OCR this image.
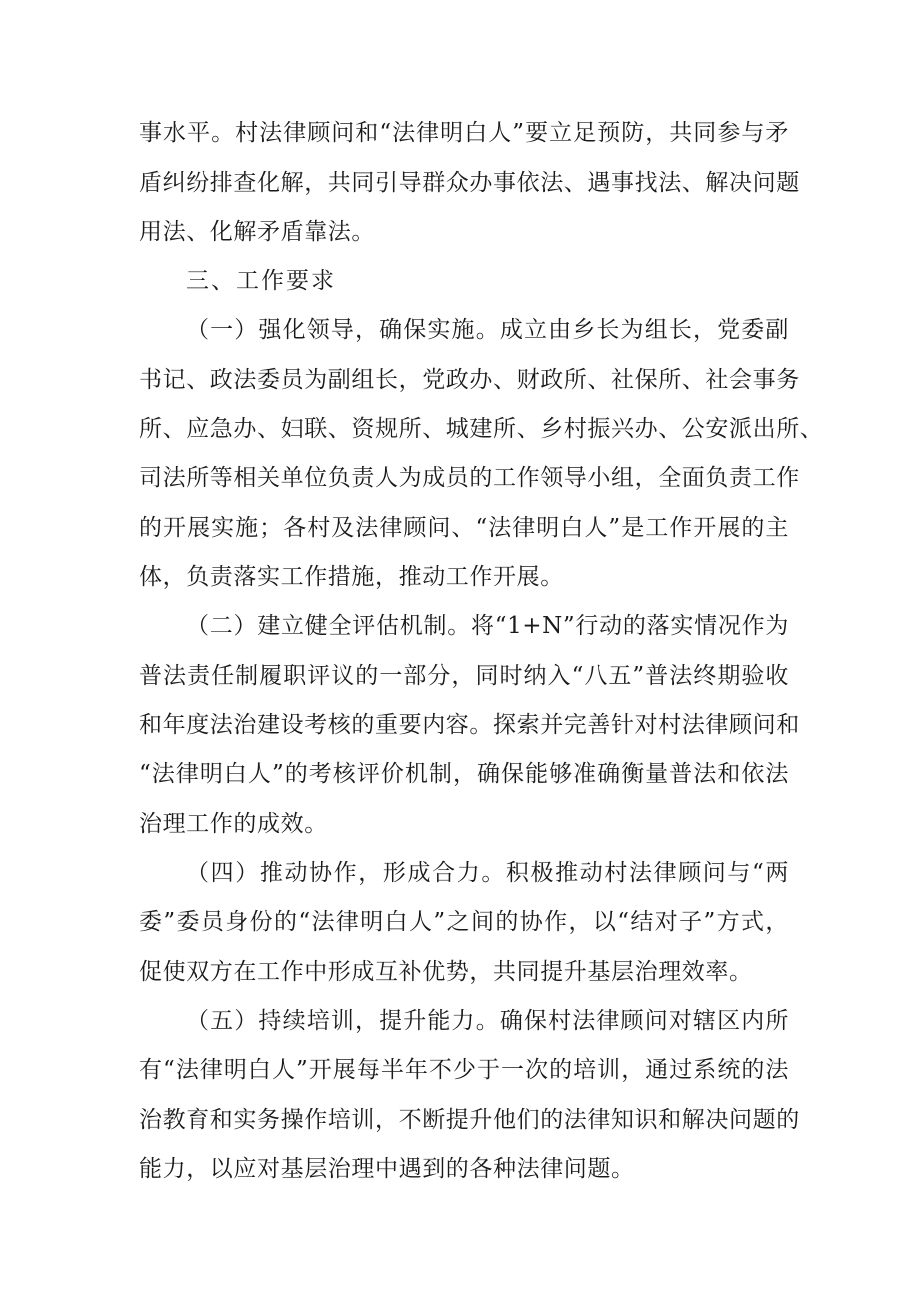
事水平。村法律顾问和“法律明白人”要立足预防，共同参与矛
盾纠纷排查化解，共同引导群众办事依法、遇事找法、解决问题
用法、化解矛盾靠法。
三、工作要求
（一）强化领导，确保实施。成立由乡长为组长，党委副
书记、政法委员为副组长，党政办、财政所、社保所、社会事务
所、应急办、妇联、资规所、城建所、乡村振兴办、公安派出所、
司法所等相关单位负责人为成员的工作领导小组，全面负责工作
的开展实施；各村及法律顾问、“法律明白人”是工作开展的主
体，负责落实工作措施，推动工作开展。
（二）建立健全评估机制。将“1+N”行动的落实情况作为
普法责任制履职评议的一部分，同时纳入“八五”普法终期验收
和年度法治建设考核的重要内容。探索并完善针对村法律顾问和
“法律明白人”的考核评价机制，确保能够准确衡量普法和依法
治理工作的成效。
（四）推动协作，形成合力。积极推动村法律顾问与“两
委”委员身份的“法律明白人”之间的协作，以“结对子”方式，
促使双方在工作中形成互补优势，共同提升基层治理效率。
（五）持续培训，提升能力。确保村法律顾问对辖区内所
有“法律明白人”开展每半年不少于一次的培训，通过系统的法
治教育和实务操作培训，不断提升他们的法律知识和解决问题的
能力，以应对基层治理中遇到的各种法律问题。
